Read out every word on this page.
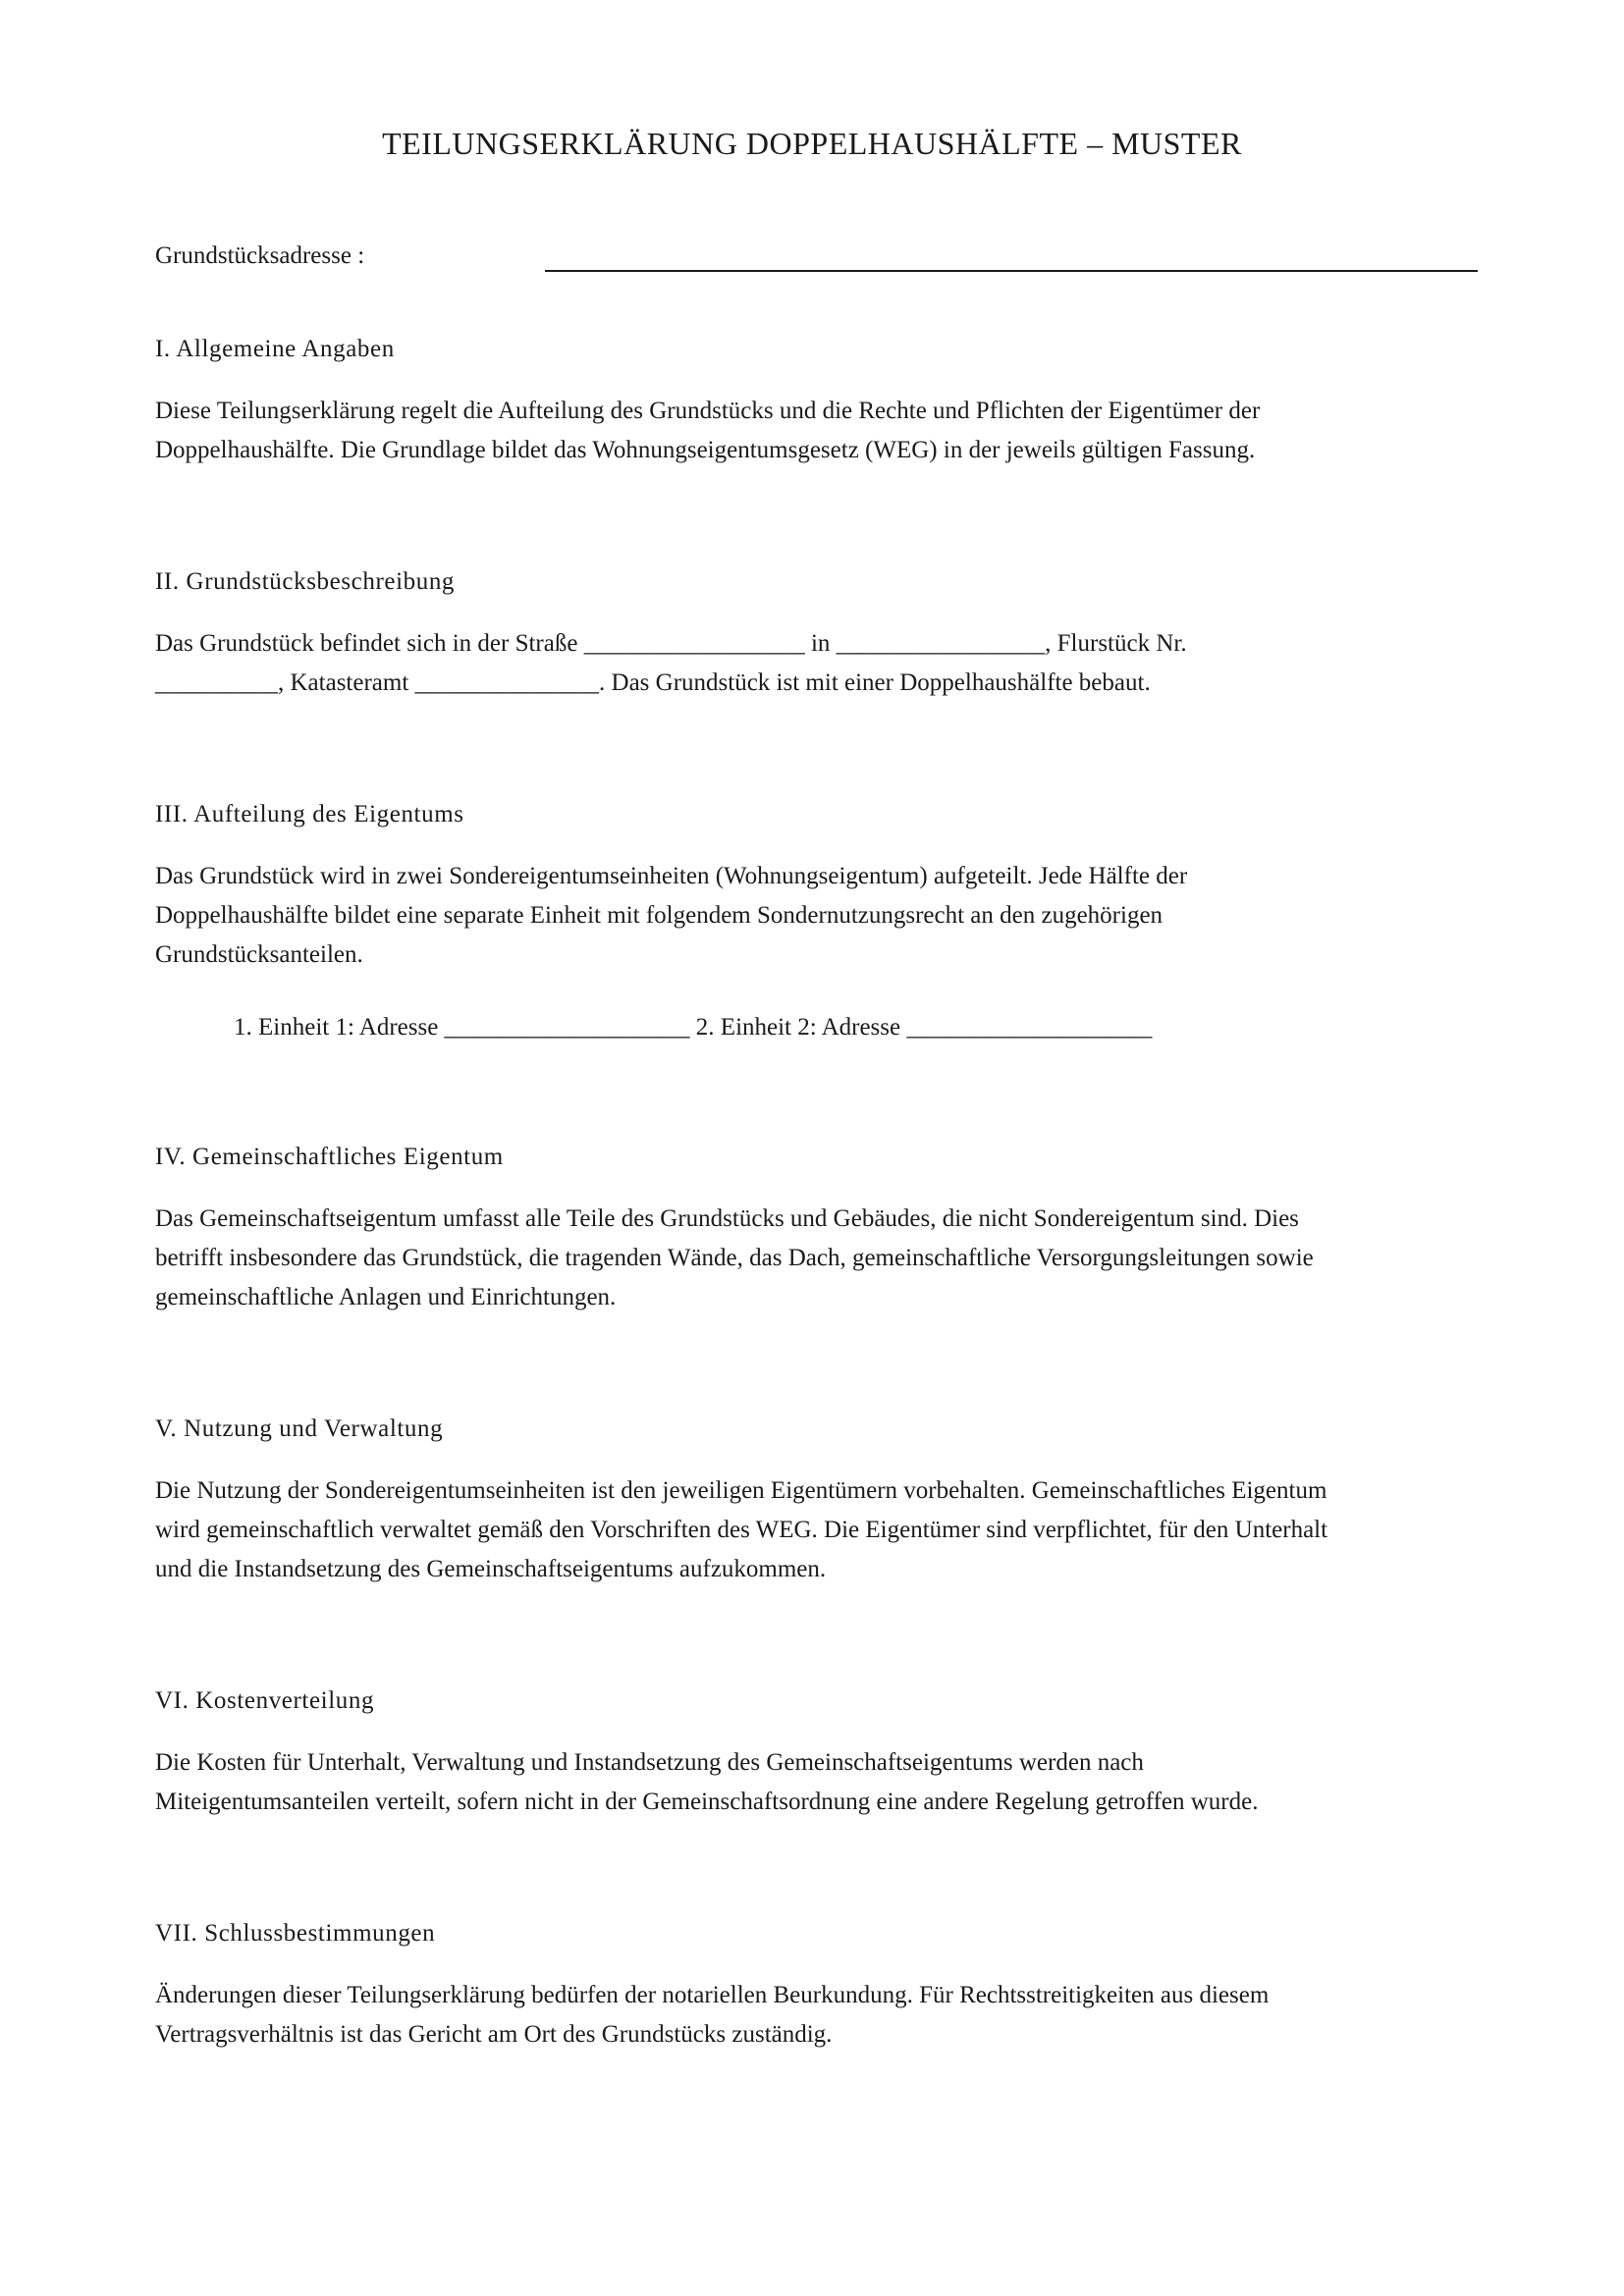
TEILUNGSERKLÄRUNG DOPPELHAUSHÄLFTE – MUSTER
Grundstücksadresse :
I. Allgemeine Angaben
Diese Teilungserklärung regelt die Aufteilung des Grundstücks und die Rechte und Pflichten der Eigentümer der
Doppelhaushälfte. Die Grundlage bildet das Wohnungseigentumsgesetz (WEG) in der jeweils gültigen Fassung.
II. Grundstücksbeschreibung
Das Grundstück befindet sich in der Straße __________________ in _________________, Flurstück Nr.
__________, Katasteramt _______________. Das Grundstück ist mit einer Doppelhaushälfte bebaut.
III. Aufteilung des Eigentums
Das Grundstück wird in zwei Sondereigentumseinheiten (Wohnungseigentum) aufgeteilt. Jede Hälfte der
Doppelhaushälfte bildet eine separate Einheit mit folgendem Sondernutzungsrecht an den zugehörigen
Grundstücksanteilen.
1. Einheit 1: Adresse ____________________ 2. Einheit 2: Adresse ____________________
IV. Gemeinschaftliches Eigentum
Das Gemeinschaftseigentum umfasst alle Teile des Grundstücks und Gebäudes, die nicht Sondereigentum sind. Dies
betrifft insbesondere das Grundstück, die tragenden Wände, das Dach, gemeinschaftliche Versorgungsleitungen sowie
gemeinschaftliche Anlagen und Einrichtungen.
V. Nutzung und Verwaltung
Die Nutzung der Sondereigentumseinheiten ist den jeweiligen Eigentümern vorbehalten. Gemeinschaftliches Eigentum
wird gemeinschaftlich verwaltet gemäß den Vorschriften des WEG. Die Eigentümer sind verpflichtet, für den Unterhalt
und die Instandsetzung des Gemeinschaftseigentums aufzukommen.
VI. Kostenverteilung
Die Kosten für Unterhalt, Verwaltung und Instandsetzung des Gemeinschaftseigentums werden nach
Miteigentumsanteilen verteilt, sofern nicht in der Gemeinschaftsordnung eine andere Regelung getroffen wurde.
VII. Schlussbestimmungen
Änderungen dieser Teilungserklärung bedürfen der notariellen Beurkundung. Für Rechtsstreitigkeiten aus diesem
Vertragsverhältnis ist das Gericht am Ort des Grundstücks zuständig.
